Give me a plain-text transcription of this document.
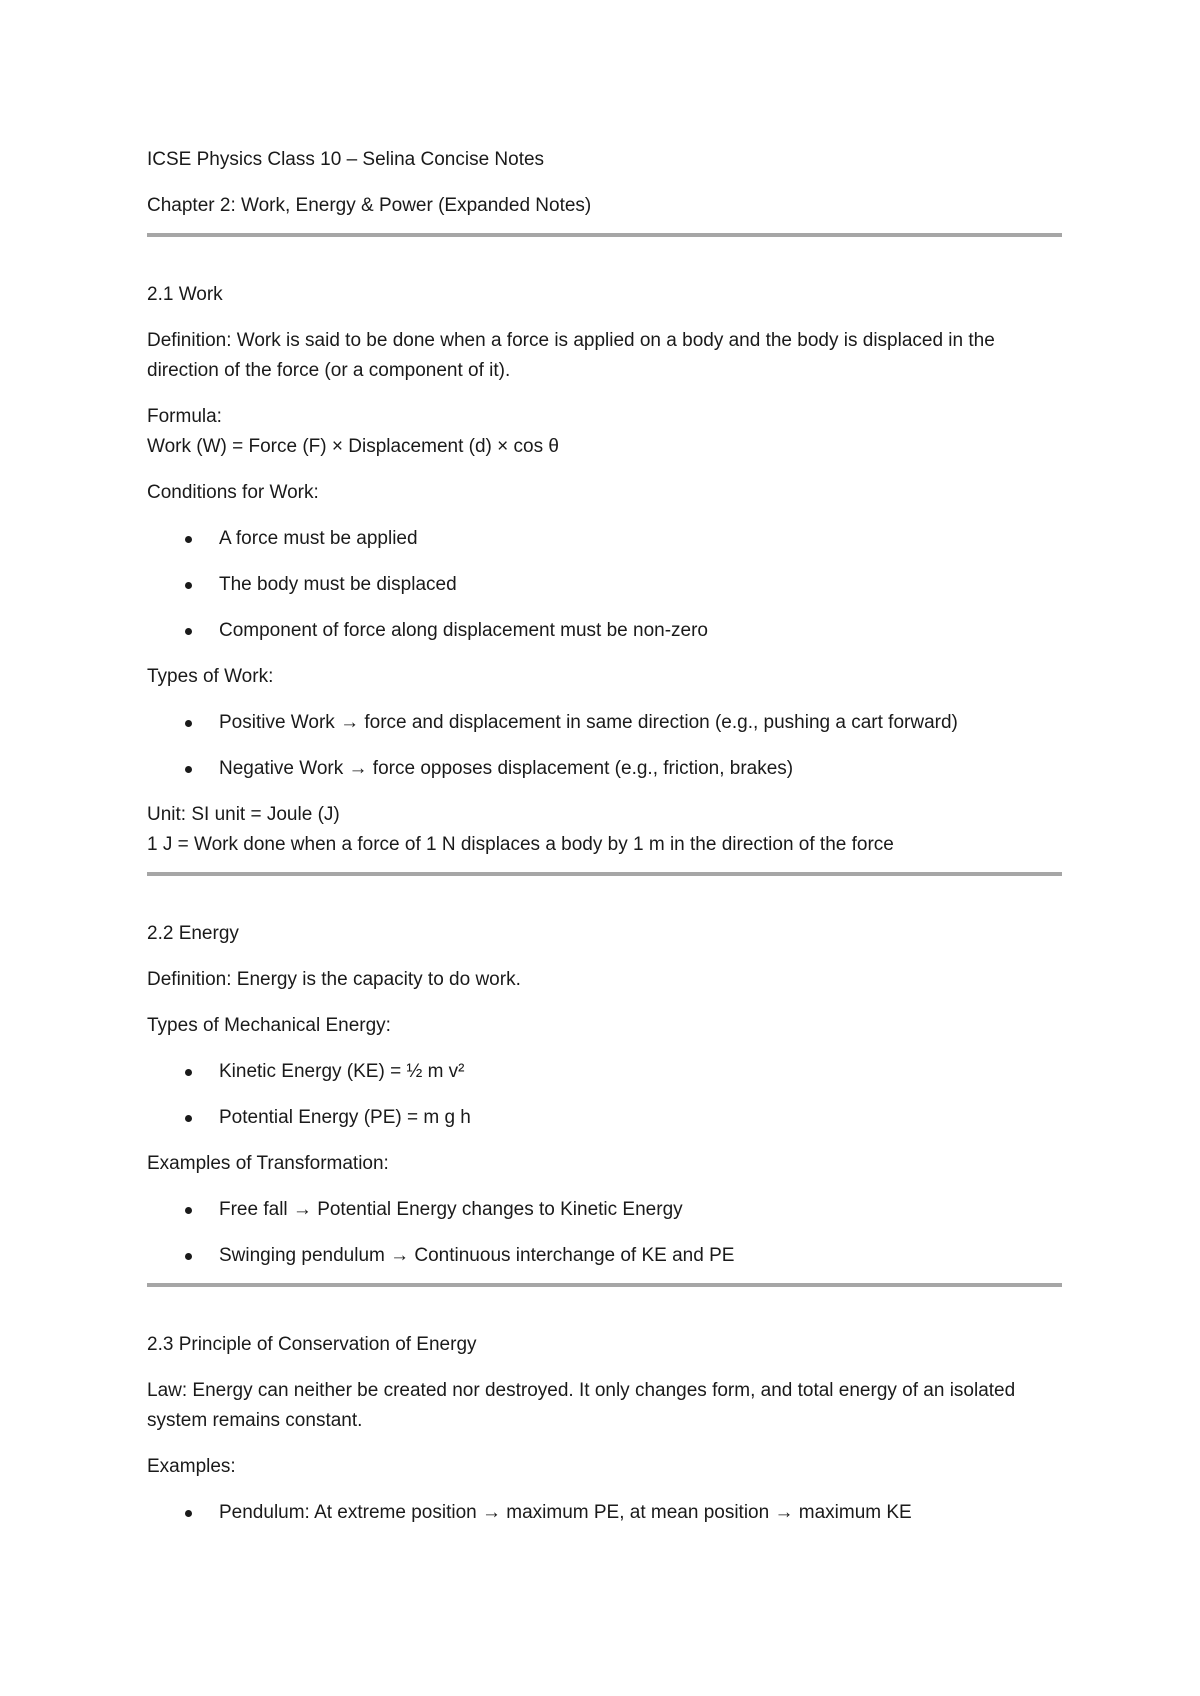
ICSE Physics Class 10 – Selina Concise Notes
Chapter 2: Work, Energy & Power (Expanded Notes)
2.1 Work
Definition: Work is said to be done when a force is applied on a body and the body is displaced in the direction of the force (or a component of it).
Formula:
Work (W) = Force (F) × Displacement (d) × cos θ
Conditions for Work:
A force must be applied
The body must be displaced
Component of force along displacement must be non-zero
Types of Work:
Positive Work → force and displacement in same direction (e.g., pushing a cart forward)
Negative Work → force opposes displacement (e.g., friction, brakes)
Unit: SI unit = Joule (J)
1 J = Work done when a force of 1 N displaces a body by 1 m in the direction of the force
2.2 Energy
Definition: Energy is the capacity to do work.
Types of Mechanical Energy:
Kinetic Energy (KE) = ½ m v²
Potential Energy (PE) = m g h
Examples of Transformation:
Free fall → Potential Energy changes to Kinetic Energy
Swinging pendulum → Continuous interchange of KE and PE
2.3 Principle of Conservation of Energy
Law: Energy can neither be created nor destroyed. It only changes form, and total energy of an isolated system remains constant.
Examples:
Pendulum: At extreme position → maximum PE, at mean position → maximum KE
